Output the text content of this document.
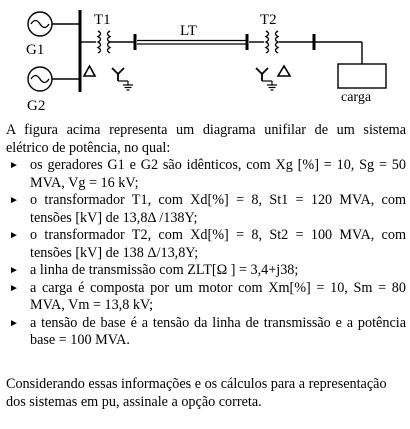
G1
G2
T1
LT
T2
carga

A figura acima representa um diagrama unifilar de um sistema elétrico de potência, no qual:

► os geradores G1 e G2 são idênticos, com Xg [%] = 10, Sg = 50 MVA, Vg = 16 kV;
► o transformador T1, com Xd[%] = 8, St1 = 120 MVA, com tensões [kV] de 13,8Δ /138Y;
► o transformador T2, com Xd[%] = 8, St2 = 100 MVA, com tensões [kV] de 138 Δ/13,8Y;
► a linha de transmissão com ZLT[Ω ] = 3,4+j38;
► a carga é composta por um motor com Xm[%] = 10, Sm = 80 MVA, Vm = 13,8 kV;
► a tensão de base é a tensão da linha de transmissão e a potência base = 100 MVA.

Considerando essas informações e os cálculos para a representação dos sistemas em pu, assinale a opção correta.
